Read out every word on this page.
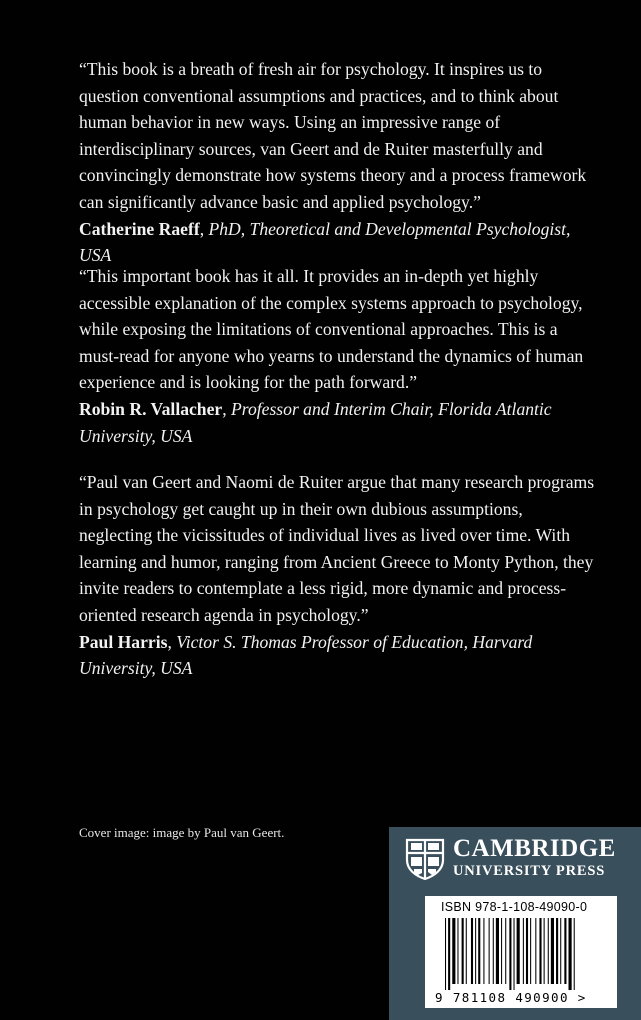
“This book is a breath of fresh air for psychology. It inspires us to question conventional assumptions and practices, and to think about human behavior in new ways. Using an impressive range of interdisciplinary sources, van Geert and de Ruiter masterfully and convincingly demonstrate how systems theory and a process framework can significantly advance basic and applied psychology.”

Catherine Raeff, PhD, Theoretical and Developmental Psychologist, USA

“This important book has it all. It provides an in-depth yet highly accessible explanation of the complex systems approach to psychology, while exposing the limitations of conventional approaches. This is a must-read for anyone who yearns to understand the dynamics of human experience and is looking for the path forward.”

Robin R. Vallacher, Professor and Interim Chair, Florida Atlantic University, USA

“Paul van Geert and Naomi de Ruiter argue that many research programs in psychology get caught up in their own dubious assumptions, neglecting the vicissitudes of individual lives as lived over time. With learning and humor, ranging from Ancient Greece to Monty Python, they invite readers to contemplate a less rigid, more dynamic and process-oriented research agenda in psychology.”

Paul Harris, Victor S. Thomas Professor of Education, Harvard University, USA

Cover image: image by Paul van Geert.
CAMBRIDGE
UNIVERSITY PRESS
ISBN 978-1-108-49090-0
9 781108 490900 >
